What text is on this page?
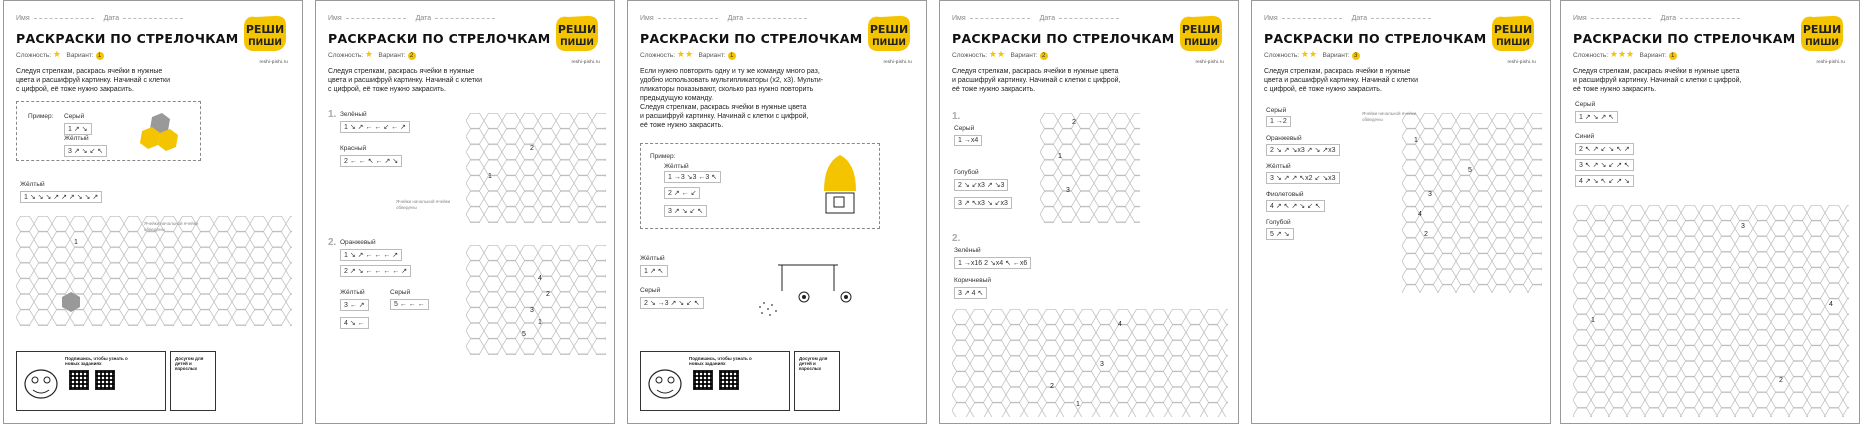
Имя	Дата
РАСКРАСКИ ПО СТРЕЛОЧКАМ
Сложность: ★ Вариант: 1
РЕШИ
ПИШИ
reshi-pishi.ru
Следуя стрелкам, раскрась ячейки в нужные
цвета и расшифруй картинку. Начинай с клетки
с цифрой, её тоже нужно закрасить.
Пример: Серый
1 ↗ ↘
Жёлтый
3 ↗ ↘ ↙ ↖
Жёлтый
1 ↘ ↘ ↘ ↗ ↗ ↗ ↘ ↘ ↗
1
Ячейки начальной ячейки обведены
Подпишись, чтобы узнать о новых заданиях
Досугом для детей и взрослых
Имя	Дата
РАСКРАСКИ ПО СТРЕЛОЧКАМ
Сложность: ★ Вариант: 2
РЕШИ
ПИШИ
reshi-pishi.ru
Следуя стрелкам, раскрась ячейки в нужные
цвета и расшифруй картинку. Начинай с клетки
с цифрой, её тоже нужно закрасить.
1. Зелёный
1 ↘ ↗ ← ← ↙ ← ↗
Красный
2 ← ← ↖ ← ↗ ↘
1
2
Ячейки начальной ячейки обведены
2. Оранжевый
1 ↘ ↗ ← ← ← ↗
2 ↗ ↘ ← ← ← ← ↗
Жёлтый
3 ← ↗
Серый
5 ← ← ←
4 ↘ ←
4
2
3
1
5
Имя	Дата
РАСКРАСКИ ПО СТРЕЛОЧКАМ
Сложность: ★★ Вариант: 1
РЕШИ
ПИШИ
reshi-pishi.ru
Если нужно повторить одну и ту же команду много раз,
удобно использовать мультипликаторы (x2, x3). Мульти-
пликаторы показывают, сколько раз нужно повторить
предыдущую команду.
Следуя стрелкам, раскрась ячейки в нужные цвета
и расшифруй картинку. Начинай с клетки с цифрой,
её тоже нужно закрасить.
Пример:
Жёлтый
1 →3 ↘3 ←3 ↖
2 ↗ ← ↙
3 ↗ ↘ ↙ ↖
Жёлтый
1 ↗ ↖
Серый
2 ↘ →3 ↗ ↘ ↙ ↖
Подпишись, чтобы узнать о новых заданиях
Досугом для детей и взрослых
Имя	Дата
РАСКРАСКИ ПО СТРЕЛОЧКАМ
Сложность: ★★ Вариант: 2
РЕШИ
ПИШИ
reshi-pishi.ru
Следуя стрелкам, раскрась ячейки в нужные цвета
и расшифруй картинку. Начинай с клетки с цифрой,
её тоже нужно закрасить.
1.
Серый
1 →x4
Голубой
2 ↘ ↙x3 ↗ ↘3
3 ↗ ↖x3 ↘ ↙x3
2
1
3
2.
Зелёный
1 →x16 2 ↘x4 ↖ ←x6
Коричневый
3 ↗ 4 ↖
4
3
2
1
Имя	Дата
РАСКРАСКИ ПО СТРЕЛОЧКАМ
Сложность: ★★ Вариант: 3
РЕШИ
ПИШИ
reshi-pishi.ru
Следуя стрелкам, раскрась ячейки в нужные
цвета и расшифруй картинку. Начинай с клетки
с цифрой, её тоже нужно закрасить.
Серый
1 →2
Оранжевый
2 ↘ ↗ ↘x3 ↗ ↘ ↗x3
Жёлтый
3 ↘ ↗ ↗ ↖x2 ↙ ↘x3
Фиолетовый
4 ↗ ↖ ↗ ↘ ↙ ↖
Голубой
5 ↗ ↘
1
5
3
4
2
Ячейки начальной ячейки обведены
Имя	Дата
РАСКРАСКИ ПО СТРЕЛОЧКАМ
Сложность: ★★★ Вариант: 1
РЕШИ
ПИШИ
reshi-pishi.ru
Следуя стрелкам, раскрась ячейки в нужные цвета
и расшифруй картинку. Начинай с клетки с цифрой,
её тоже нужно закрасить.
Серый
1 ↗ ↘ ↗ ↖
Синий
2 ↖ ↗ ↙ ↘ ↖ ↗
3 ↖ ↗ ↘ ↙ ↗ ↖
4 ↗ ↘ ↖ ↙ ↗ ↘
3
1
4
2
